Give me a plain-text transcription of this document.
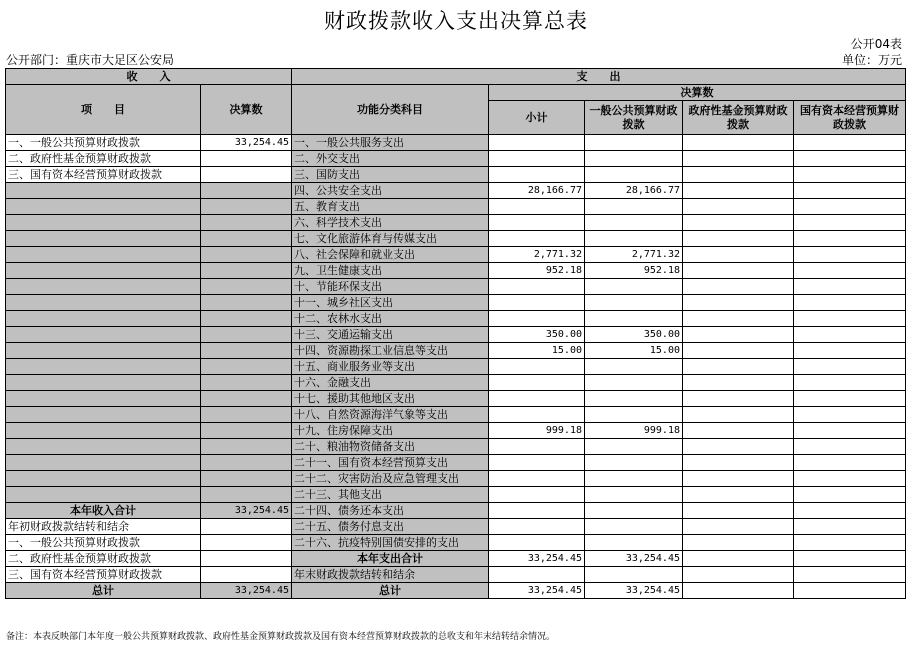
财政拨款收入支出决算总表
公开04表
公开部门：重庆市大足区公安局	单位：万元
收　　入		支　　出				
项　　目	决算数	功能分类科目	决算数			
			小计	一般公共预算财政拨款	政府性基金预算财政拨款	国有资本经营预算财政拨款

一、一般公共预算财政拨款	33,254.45	一、一般公共服务支出				
二、政府性基金预算财政拨款		二、外交支出				
三、国有资本经营预算财政拨款		三、国防支出				
		四、公共安全支出	28,166.77	28,166.77		
		五、教育支出				
		六、科学技术支出				
		七、文化旅游体育与传媒支出				
		八、社会保障和就业支出	2,771.32	2,771.32		
		九、卫生健康支出	952.18	952.18		
		十、节能环保支出				
		十一、城乡社区支出				
		十二、农林水支出				
		十三、交通运输支出	350.00	350.00		
		十四、资源勘探工业信息等支出	15.00	15.00		
		十五、商业服务业等支出				
		十六、金融支出				
		十七、援助其他地区支出				
		十八、自然资源海洋气象等支出				
		十九、住房保障支出	999.18	999.18		
		二十、粮油物资储备支出				
		二十一、国有资本经营预算支出				
		二十二、灾害防治及应急管理支出				
		二十三、其他支出				
本年收入合计	33,254.45	二十四、债务还本支出				
年初财政拨款结转和结余		二十五、债务付息支出				
一、一般公共预算财政拨款		二十六、抗疫特别国债安排的支出				
二、政府性基金预算财政拨款		本年支出合计	33,254.45	33,254.45		
三、国有资本经营预算财政拨款		年末财政拨款结转和结余				
总计	33,254.45	总计	33,254.45	33,254.45		
备注：本表反映部门本年度一般公共预算财政拨款、政府性基金预算财政拨款及国有资本经营预算财政拨款的总收支和年末结转结余情况。
